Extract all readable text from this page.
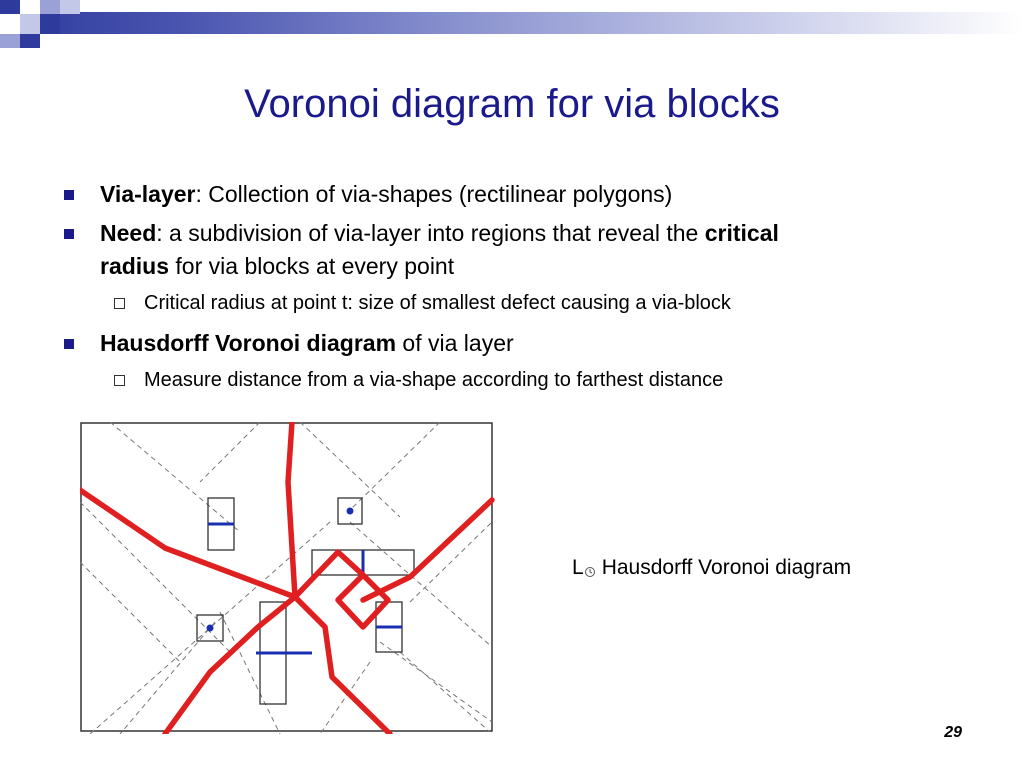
Voronoi diagram for via blocks
Via-layer: Collection of via-shapes (rectilinear polygons)
Need: a subdivision of via-layer into regions that reveal the critical
radius for via blocks at every point
Critical radius at point t: size of smallest defect causing a via-block
Hausdorff Voronoi diagram of via layer
Measure distance from a via-shape according to farthest distance
L Hausdorff Voronoi diagram
29
